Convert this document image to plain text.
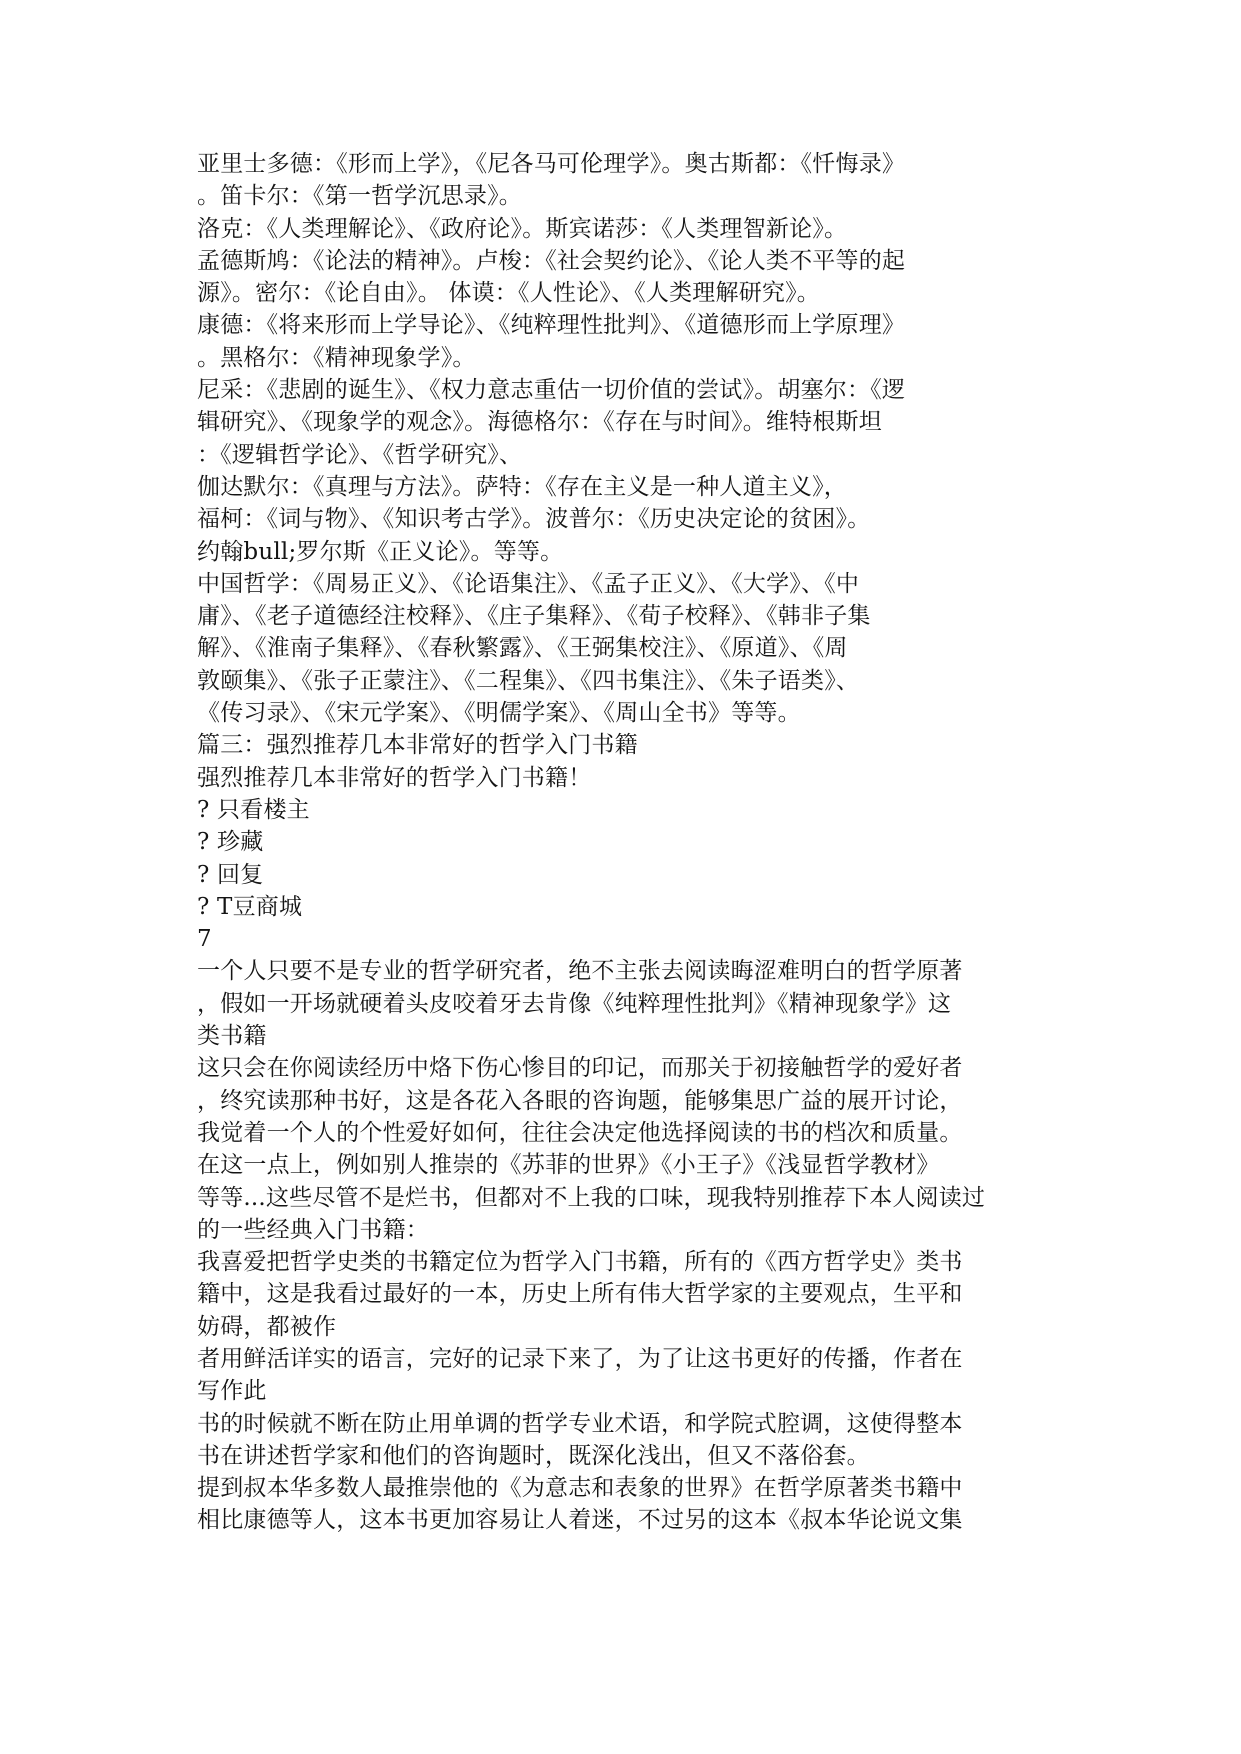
亚里士多德：《形而上学》，《尼各马可伦理学》。奥古斯都：《忏悔录》
。笛卡尔：《第一哲学沉思录》。
洛克：《人类理解论》、《政府论》。斯宾诺莎：《人类理智新论》。
孟德斯鸠：《论法的精神》。卢梭：《社会契约论》、《论人类不平等的起
源》。密尔：《论自由》。 体谟：《人性论》、《人类理解研究》。
康德：《将来形而上学导论》、《纯粹理性批判》、《道德形而上学原理》
。黑格尔：《精神现象学》。
尼采：《悲剧的诞生》、《权力意志重估一切价值的尝试》。胡塞尔：《逻
辑研究》、《现象学的观念》。海德格尔：《存在与时间》。维特根斯坦
：《逻辑哲学论》、《哲学研究》、
伽达默尔：《真理与方法》。萨特：《存在主义是一种人道主义》，
福柯：《词与物》、《知识考古学》。波普尔：《历史决定论的贫困》。
约翰bull;罗尔斯《正义论》。等等。
中国哲学：《周易正义》、《论语集注》、《孟子正义》、《大学》、《中
庸》、《老子道德经注校释》、《庄子集释》、《荀子校释》、《韩非子集
解》、《淮南子集释》、《春秋繁露》、《王弼集校注》、《原道》、《周
敦颐集》、《张子正蒙注》、《二程集》、《四书集注》、《朱子语类》、
《传习录》、《宋元学案》、《明儒学案》、《周山全书》等等。
篇三：强烈推荐几本非常好的哲学入门书籍
强烈推荐几本非常好的哲学入门书籍！
? 只看楼主
? 珍藏
? 回复
? T豆商城
7
一个人只要不是专业的哲学研究者，绝不主张去阅读晦涩难明白的哲学原著
，假如一开场就硬着头皮咬着牙去肯像《纯粹理性批判》《精神现象学》这
类书籍
这只会在你阅读经历中烙下伤心惨目的印记，而那关于初接触哲学的爱好者
，终究读那种书好，这是各花入各眼的咨询题，能够集思广益的展开讨论，
我觉着一个人的个性爱好如何，往往会决定他选择阅读的书的档次和质量。
在这一点上，例如别人推崇的《苏菲的世界》《小王子》《浅显哲学教材》
等等...这些尽管不是烂书，但都对不上我的口味，现我特别推荐下本人阅读过
的一些经典入门书籍：
我喜爱把哲学史类的书籍定位为哲学入门书籍，所有的《西方哲学史》类书
籍中，这是我看过最好的一本，历史上所有伟大哲学家的主要观点，生平和
妨碍，都被作
者用鲜活详实的语言，完好的记录下来了，为了让这书更好的传播，作者在
写作此
书的时候就不断在防止用单调的哲学专业术语，和学院式腔调，这使得整本
书在讲述哲学家和他们的咨询题时，既深化浅出，但又不落俗套。
提到叔本华多数人最推崇他的《为意志和表象的世界》在哲学原著类书籍中
相比康德等人，这本书更加容易让人着迷，不过另的这本《叔本华论说文集
